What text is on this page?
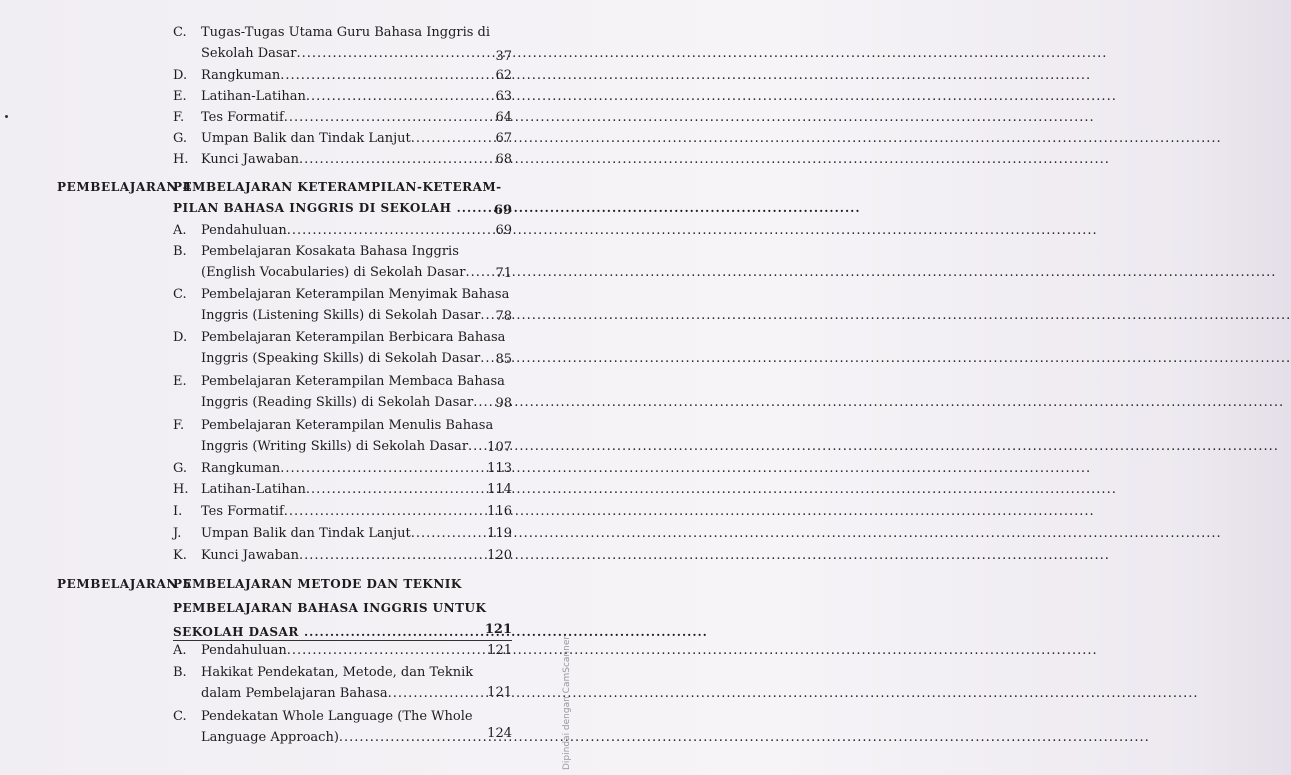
C. Tugas-Tugas Utama Guru Bahasa Inggris di
Sekolah Dasar .....	37
D. Rangkuman .....	62
E. Latihan-Latihan .....	63
F. Tes Formatif .....	64
G. Umpan Balik dan Tindak Lanjut .....	67
H. Kunci Jawaban .....	68
PEMBELAJARAN 4
PEMBELAJARAN KETERAMPILAN-KETERAM-
PILAN BAHASA INGGRIS DI SEKOLAH .....	69
A. Pendahuluan .....	69
B. Pembelajaran Kosakata Bahasa Inggris
(English Vocabularies) di Sekolah Dasar .....	71
C. Pembelajaran Keterampilan Menyimak Bahasa
Inggris (Listening Skills) di Sekolah Dasar .....	78
D. Pembelajaran Keterampilan Berbicara Bahasa
Inggris (Speaking Skills) di Sekolah Dasar .....	85
E. Pembelajaran Keterampilan Membaca Bahasa
Inggris (Reading Skills) di Sekolah Dasar .....	98
F. Pembelajaran Keterampilan Menulis Bahasa
Inggris (Writing Skills) di Sekolah Dasar .....	107
G. Rangkuman .....	113
H. Latihan-Latihan .....	114
I. Tes Formatif .....	116
J. Umpan Balik dan Tindak Lanjut .....	119
K. Kunci Jawaban .....	120
PEMBELAJARAN 5
PEMBELAJARAN METODE DAN TEKNIK
PEMBELAJARAN BAHASA INGGRIS UNTUK
SEKOLAH DASAR .....	121
A. Pendahuluan .....	121
B. Hakikat Pendekatan, Metode, dan Teknik
dalam Pembelajaran Bahasa .....	121
C. Pendekatan Whole Language (The Whole
Language Approach) .....	124	Dipindai dengan CamScanner
